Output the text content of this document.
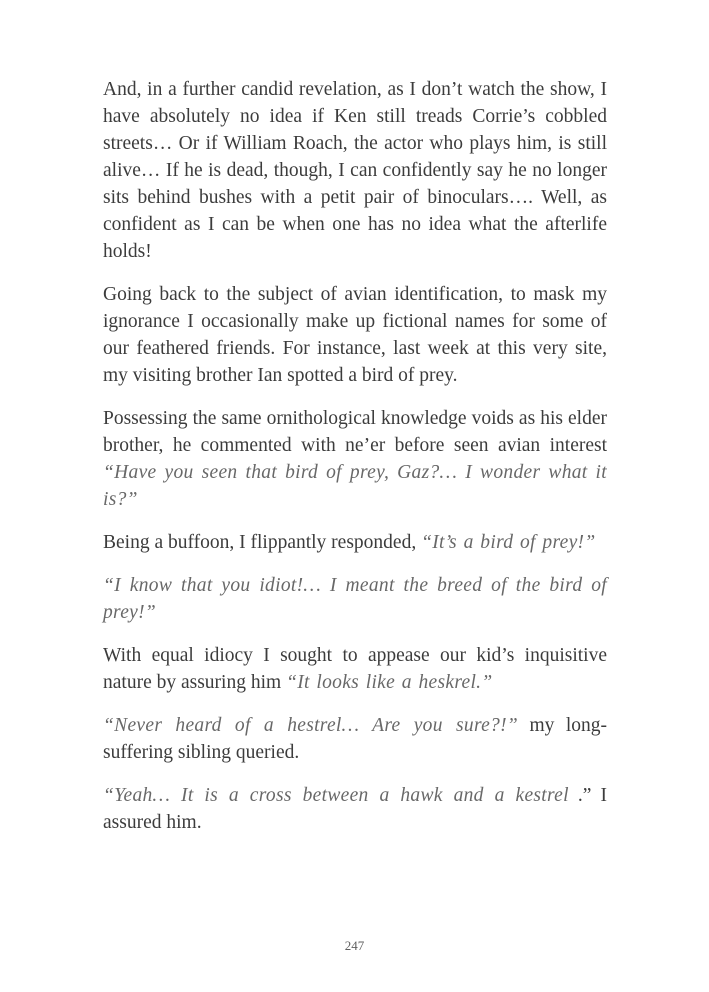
And, in a further candid revelation, as I don’t watch the show, I have absolutely no idea if Ken still treads Corrie’s cobbled streets… Or if William Roach, the actor who plays him, is still alive… If he is dead, though, I can confidently say he no longer sits behind bushes with a petit pair of binoculars…. Well, as confident as I can be when one has no idea what the afterlife holds!

Going back to the subject of avian identification, to mask my ignorance I occasionally make up fictional names for some of our feathered friends. For instance, last week at this very site, my visiting brother Ian spotted a bird of prey.

Possessing the same ornithological knowledge voids as his elder brother, he commented with ne’er before seen avian interest “Have you seen that bird of prey, Gaz?… I wonder what it is?”

Being a buffoon, I flippantly responded, “It’s a bird of prey!”

“I know that you idiot!… I meant the breed of the bird of prey!”

With equal idiocy I sought to appease our kid’s inquisitive nature by assuring him “It looks like a heskrel.”

“Never heard of a hestrel… Are you sure?!” my long-suffering sibling queried.

“Yeah… It is a cross between a hawk and a kestrel .” I assured him.

247
